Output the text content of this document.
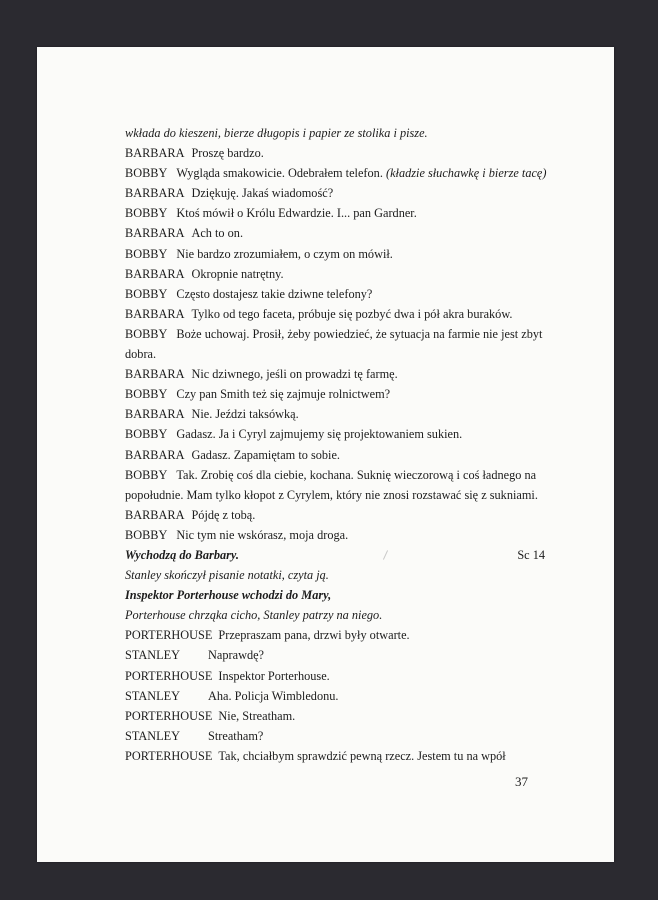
wkłada do kieszeni, bierze długopis i papier ze stolika i pisze.
BARBARA Proszę bardzo.
BOBBY Wygląda smakowicie. Odebrałem telefon. (kładzie słuchawkę i bierze tacę)
BARBARA Dziękuję. Jakaś wiadomość?
BOBBY Ktoś mówił o Królu Edwardzie. I... pan Gardner.
BARBARA Ach to on.
BOBBY Nie bardzo zrozumiałem, o czym on mówił.
BARBARA Okropnie natrętny.
BOBBY Często dostajesz takie dziwne telefony?
BARBARA Tylko od tego faceta, próbuje się pozbyć dwa i pół akra buraków.
BOBBY Boże uchowaj. Prosił, żeby powiedzieć, że sytuacja na farmie nie jest zbyt
dobra.
BARBARA Nic dziwnego, jeśli on prowadzi tę farmę.
BOBBY Czy pan Smith też się zajmuje rolnictwem?
BARBARA Nie. Jeździ taksówką.
BOBBY Gadasz. Ja i Cyryl zajmujemy się projektowaniem sukien.
BARBARA Gadasz. Zapamiętam to sobie.
BOBBY Tak. Zrobię coś dla ciebie, kochana. Suknię wieczorową i coś ładnego na
popołudnie. Mam tylko kłopot z Cyrylem, który nie znosi rozstawać się z sukniami.
BARBARA Pójdę z tobą.
BOBBY Nic tym nie wskórasz, moja droga.
Wychodzą do Barbary.	Sc 14
Stanley skończył pisanie notatki, czyta ją.
Inspektor Porterhouse wchodzi do Mary,
Porterhouse chrząka cicho, Stanley patrzy na niego.
PORTERHOUSE Przepraszam pana, drzwi były otwarte.
STANLEY Naprawdę?
PORTERHOUSE Inspektor Porterhouse.
STANLEY Aha. Policja Wimbledonu.
PORTERHOUSE Nie, Streatham.
STANLEY Streatham?
PORTERHOUSE Tak, chciałbym sprawdzić pewną rzecz. Jestem tu na wpół
37
